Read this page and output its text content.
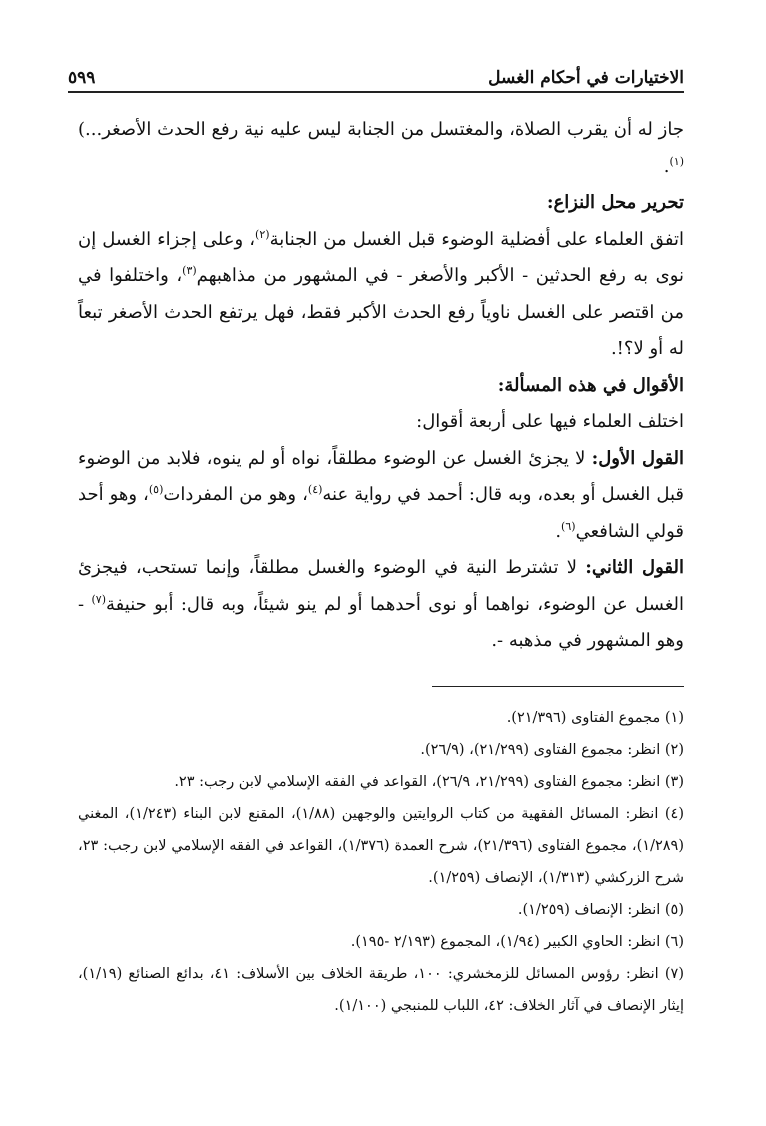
٥٩٩	الاختيارات في أحكام الغسل

جاز له أن يقرب الصلاة، والمغتسل من الجنابة ليس عليه نية رفع الحدث الأصغر...)$^{(١)}$.

تحرير محل النزاع:

اتفق العلماء على أفضلية الوضوء قبل الغسل من الجنابة$^{(٢)}$، وعلى إجزاء الغسل إن نوى به رفع الحدثين - الأكبر والأصغر - في المشهور من مذاهبهم$^{(٣)}$، واختلفوا في من اقتصر على الغسل ناوياً رفع الحدث الأكبر فقط، فهل يرتفع الحدث الأصغر تبعاً له أو لا؟!.

الأقوال في هذه المسألة:

اختلف العلماء فيها على أربعة أقوال:

القول الأول: لا يجزئ الغسل عن الوضوء مطلقاً، نواه أو لم ينوه، فلابد من الوضوء قبل الغسل أو بعده، وبه قال: أحمد في رواية عنه$^{(٤)}$، وهو من المفردات$^{(٥)}$، وهو أحد قولي الشافعي$^{(٦)}$.

القول الثاني: لا تشترط النية في الوضوء والغسل مطلقاً، وإنما تستحب، فيجزئ الغسل عن الوضوء، نواهما أو نوى أحدهما أو لم ينو شيئاً، وبه قال: أبو حنيفة$^{(٧)}$ - وهو المشهور في مذهبه -.

(١) مجموع الفتاوى (٢١/٣٩٦).

(٢) انظر: مجموع الفتاوى (٢١/٢٩٩)، (٢٦/٩).

(٣) انظر: مجموع الفتاوى (٢١/٢٩٩، ٢٦/٩)، القواعد في الفقه الإسلامي لابن رجب: ٢٣.

(٤) انظر: المسائل الفقهية من كتاب الروايتين والوجهين (١/٨٨)، المقنع لابن البناء (١/٢٤٣)، المغني (١/٢٨٩)، مجموع الفتاوى (٢١/٣٩٦)، شرح العمدة (١/٣٧٦)، القواعد في الفقه الإسلامي لابن رجب: ٢٣، شرح الزركشي (١/٣١٣)، الإنصاف (١/٢٥٩).

(٥) انظر: الإنصاف (١/٢٥٩).

(٦) انظر: الحاوي الكبير (١/٩٤)، المجموع (٢/١٩٣ -١٩٥).

(٧) انظر: رؤوس المسائل للزمخشري: ١٠٠، طريقة الخلاف بين الأسلاف: ٤١، بدائع الصنائع (١/١٩)، إيثار الإنصاف في آثار الخلاف: ٤٢، اللباب للمنبجي (١/١٠٠).
